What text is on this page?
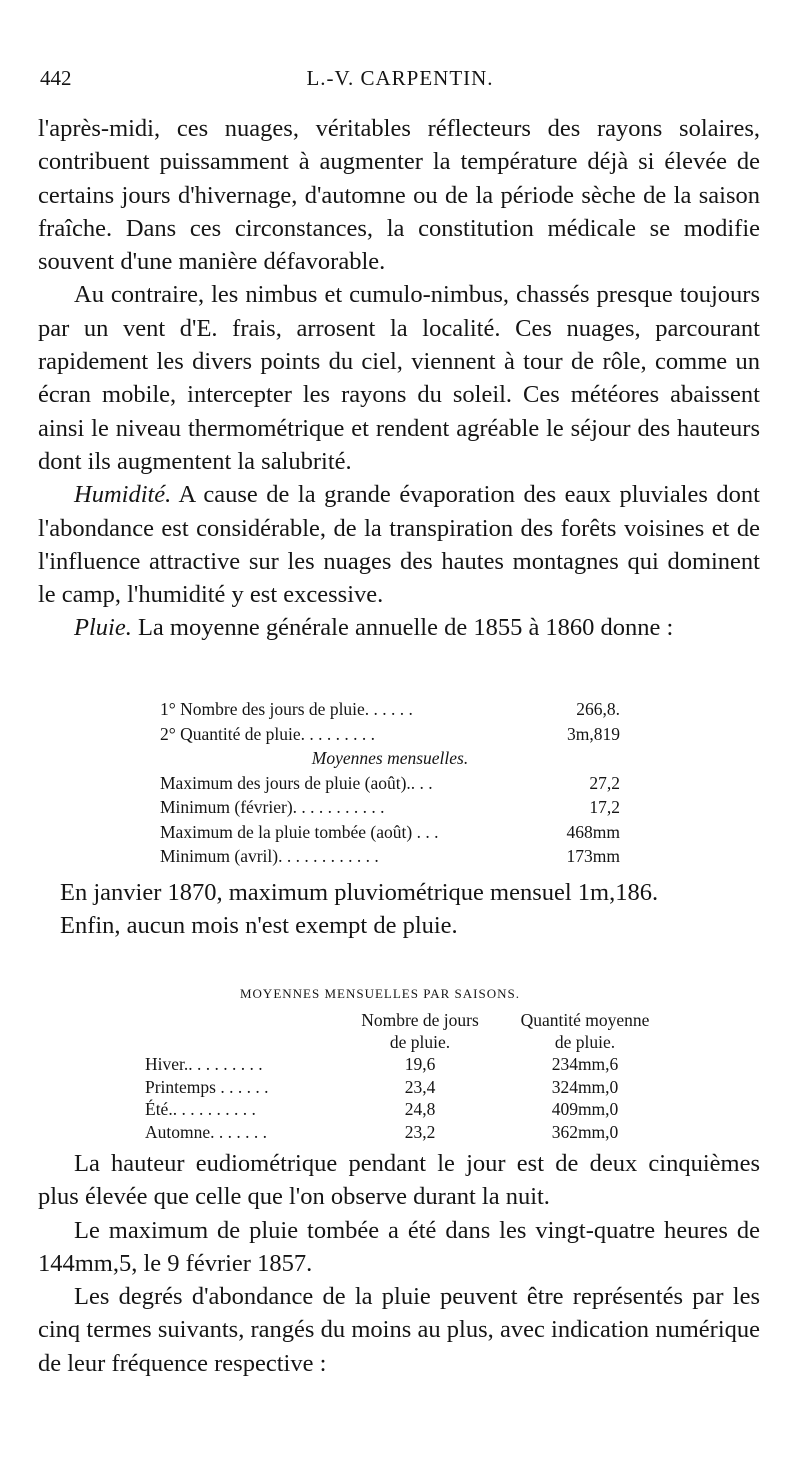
442	L.-V. CARPENTIN.

l'après-midi, ces nuages, véritables réflecteurs des rayons solaires, contribuent puissamment à augmenter la température déjà si élevée de certains jours d'hivernage, d'automne ou de la période sèche de la saison fraîche. Dans ces circonstances, la constitution médicale se modifie souvent d'une manière défavorable.

Au contraire, les nimbus et cumulo-nimbus, chassés presque toujours par un vent d'E. frais, arrosent la localité. Ces nuages, parcourant rapidement les divers points du ciel, viennent à tour de rôle, comme un écran mobile, intercepter les rayons du soleil. Ces météores abaissent ainsi le niveau thermométrique et rendent agréable le séjour des hauteurs dont ils augmentent la salubrité.

Humidité. A cause de la grande évaporation des eaux pluviales dont l'abondance est considérable, de la transpiration des forêts voisines et de l'influence attractive sur les nuages des hautes montagnes qui dominent le camp, l'humidité y est excessive.

Pluie. La moyenne générale annuelle de 1855 à 1860 donne :

1° Nombre des jours de pluie. . . . . .	266,8.
2° Quantité de pluie. . . . . . . . .	3m,819
Moyennes mensuelles.
Maximum des jours de pluie (août).. . .	27,2
Minimum (février). . . . . . . . . . .	17,2
Maximum de la pluie tombée (août) . . .	468mm
Minimum (avril). . . . . . . . . . . .	173mm

En janvier 1870, maximum pluviométrique mensuel 1m,186.

Enfin, aucun mois n'est exempt de pluie.

MOYENNES MENSUELLES PAR SAISONS.
Nombre de jours
de pluie.
Quantité moyenne
de pluie.
Hiver.. . . . . . . . .	19,6	234mm,6
Printemps . . . . . .	23,4	324mm,0
Été.. . . . . . . . . .	24,8	409mm,0
Automne. . . . . . .	23,2	362mm,0

La hauteur eudiométrique pendant le jour est de deux cinquièmes plus élevée que celle que l'on observe durant la nuit.

Le maximum de pluie tombée a été dans les vingt-quatre heures de 144mm,5, le 9 février 1857.

Les degrés d'abondance de la pluie peuvent être représentés par les cinq termes suivants, rangés du moins au plus, avec indication numérique de leur fréquence respective :
